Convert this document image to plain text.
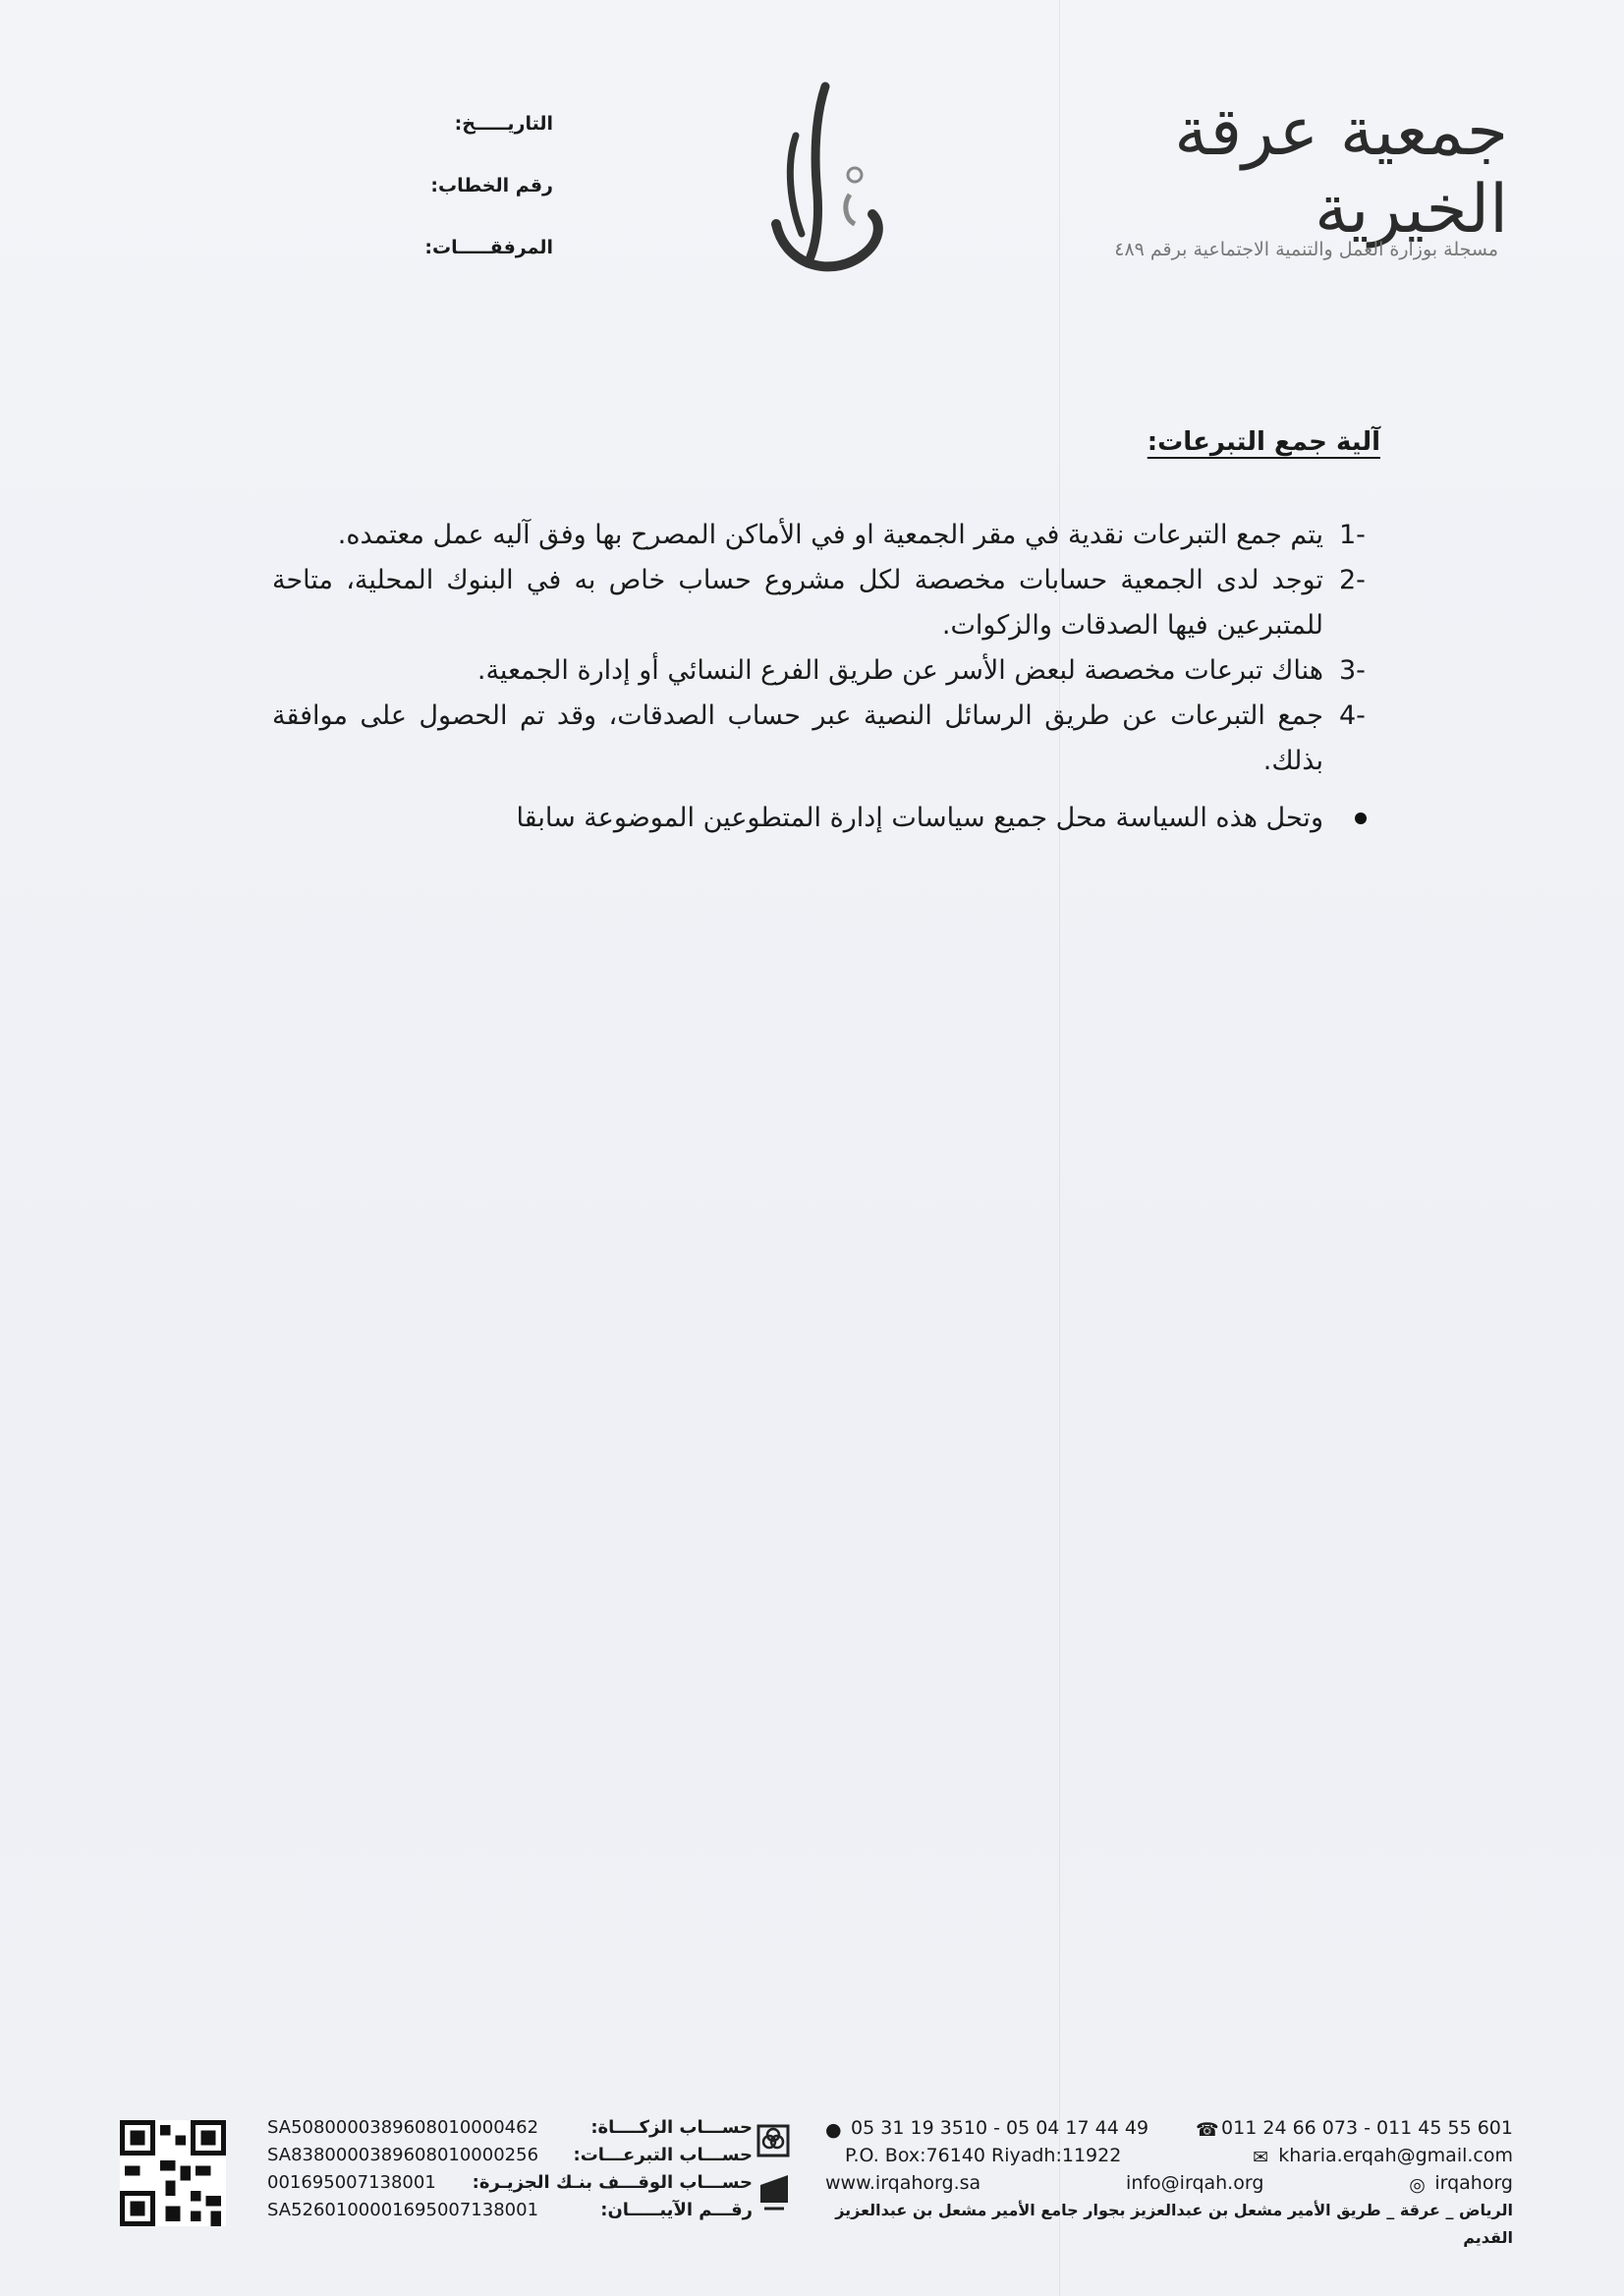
جمعية عرقة الخيرية
مسجلة بوزارة العمل والتنمية الاجتماعية برقم ٤٨٩
التاريـــــخ:
رقم الخطاب:
المرفقـــــات:
آلية جمع التبرعات:
1-
يتم جمع التبرعات نقدية في مقر الجمعية او في الأماكن المصرح بها وفق آليه عمل معتمده.
2-
توجد لدى الجمعية حسابات مخصصة لكل مشروع حساب خاص به في البنوك المحلية، متاحة للمتبرعين فيها الصدقات والزكوات.
3-
هناك تبرعات مخصصة لبعض الأسر عن طريق الفرع النسائي أو إدارة الجمعية.
4-
جمع التبرعات عن طريق الرسائل النصية عبر حساب الصدقات، وقد تم الحصول على موافقة بذلك.
وتحل هذه السياسة محل جميع سياسات إدارة المتطوعين الموضوعة سابقا
SA5080000389608010000462	حســـاب الزكــــاة:
SA8380000389608010000256 حســـاب التبرعـــات:
001695007138001 حســـاب الوقـــف بنـك الجزيـرة:
SA5260100001695007138001	رقـــم الآيبـــــان:
● 05 31 19 3510 - 05 04 17 44 49	☎ 011 24 66 073 - 011 45 55 601
P.O. Box:76140 Riyadh:11922	✉ kharia.erqah@gmail.com
www.irqahorg.sa	info@irqah.org	◎ irqahorg
الرياض _ عرقة _ طريق الأمير مشعل بن عبدالعزيز بجوار جامع الأمير مشعل بن عبدالعزيز القديم
